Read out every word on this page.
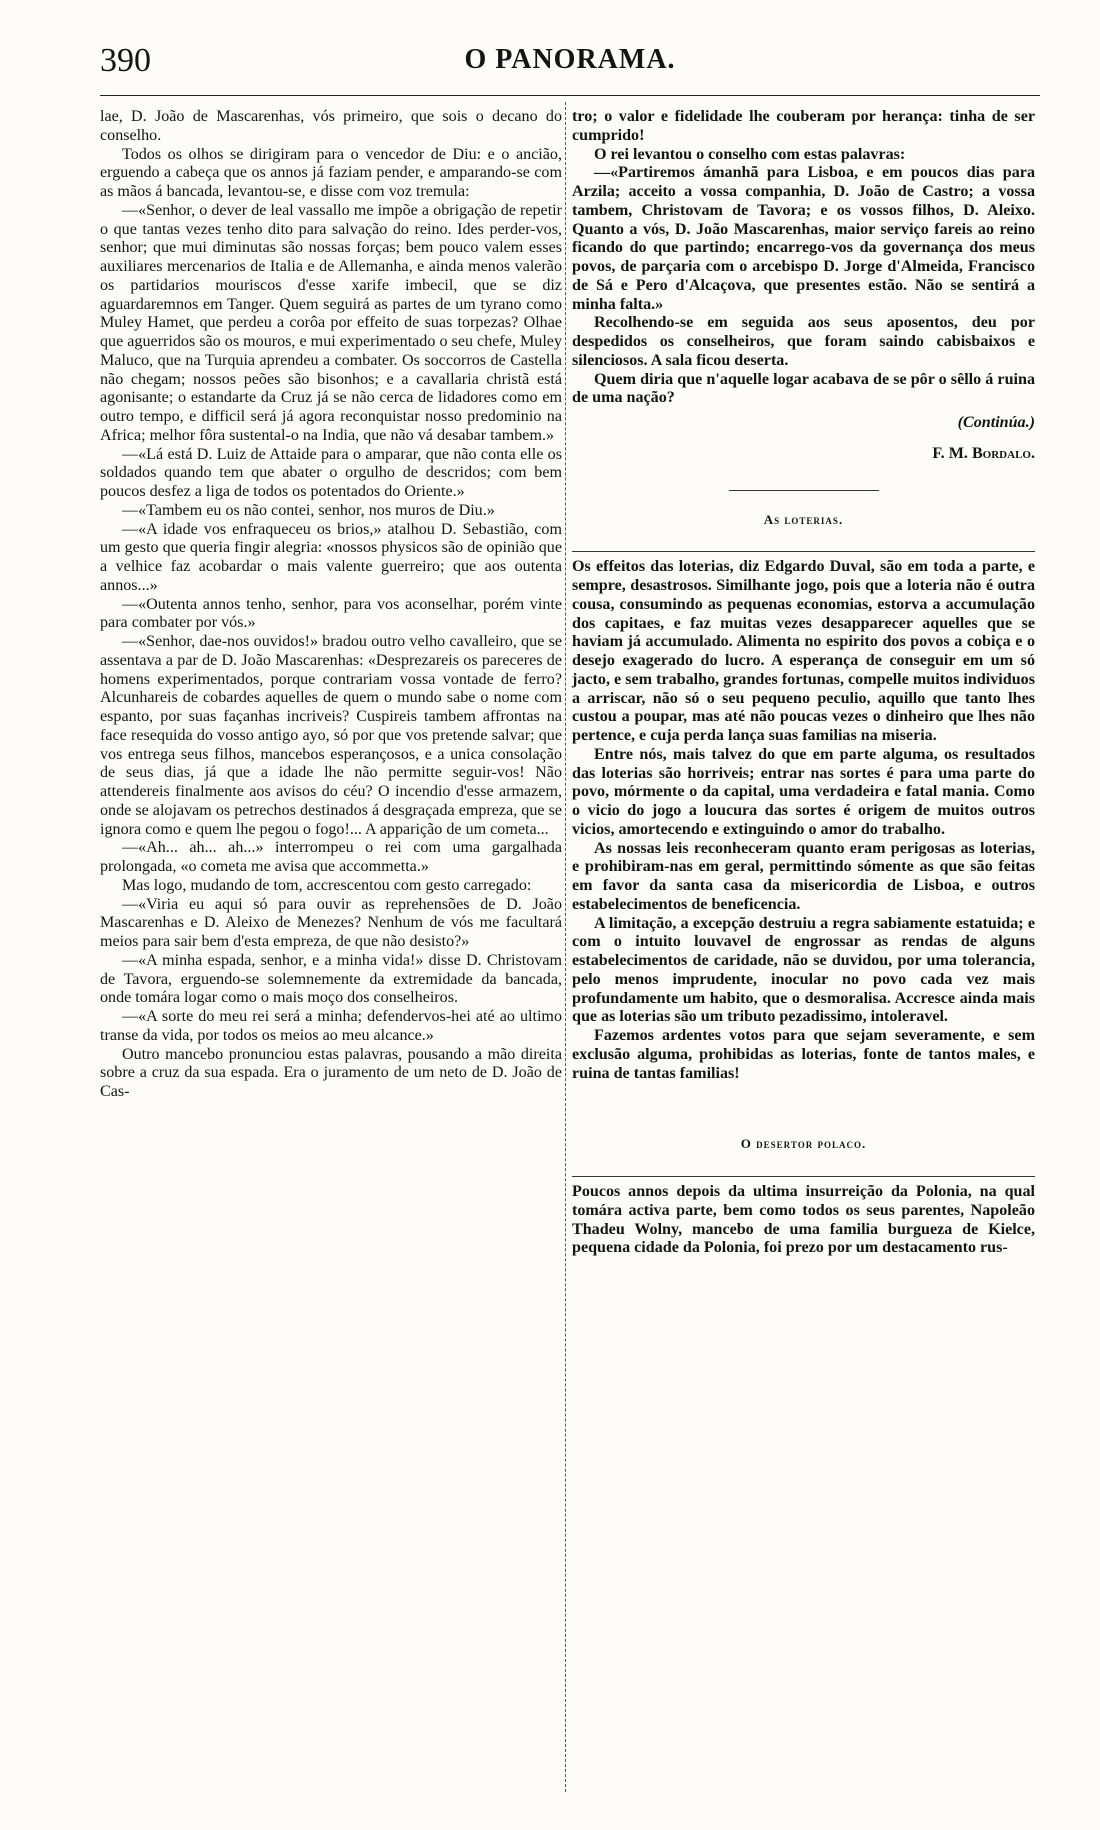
390	O PANORAMA.

lae, D. João de Mascarenhas, vós primeiro, que sois o decano do conselho.

Todos os olhos se dirigiram para o vencedor de Diu: e o ancião, erguendo a cabeça que os annos já faziam pender, e amparando-se com as mãos á bancada, levantou-se, e disse com voz tremula:

—«Senhor, o dever de leal vassallo me impõe a obrigação de repetir o que tantas vezes tenho dito para salvação do reino. Ides perder-vos, senhor; que mui diminutas são nossas forças; bem pouco valem esses auxiliares mercenarios de Italia e de Allemanha, e ainda menos valerão os partidarios mouriscos d'esse xarife imbecil, que se diz aguardaremnos em Tanger. Quem seguirá as partes de um tyrano como Muley Hamet, que perdeu a corôa por effeito de suas torpezas? Olhae que aguerridos são os mouros, e mui experimentado o seu chefe, Muley Maluco, que na Turquia aprendeu a combater. Os soccorros de Castella não chegam; nossos peões são bisonhos; e a cavallaria christã está agonisante; o estandarte da Cruz já se não cerca de lidadores como em outro tempo, e difficil será já agora reconquistar nosso predominio na Africa; melhor fôra sustental-o na India, que não vá desabar tambem.»

—«Lá está D. Luiz de Attaide para o amparar, que não conta elle os soldados quando tem que abater o orgulho de descridos; com bem poucos desfez a liga de todos os potentados do Oriente.»

—«Tambem eu os não contei, senhor, nos muros de Diu.»

—«A idade vos enfraqueceu os brios,» atalhou D. Sebastião, com um gesto que queria fingir alegria: «nossos physicos são de opinião que a velhice faz acobardar o mais valente guerreiro; que aos outenta annos...»

—«Outenta annos tenho, senhor, para vos aconselhar, porém vinte para combater por vós.»

—«Senhor, dae-nos ouvidos!» bradou outro velho cavalleiro, que se assentava a par de D. João Mascarenhas: «Desprezareis os pareceres de homens experimentados, porque contrariam vossa vontade de ferro? Alcunhareis de cobardes aquelles de quem o mundo sabe o nome com espanto, por suas façanhas incriveis? Cuspireis tambem affrontas na face resequida do vosso antigo ayo, só por que vos pretende salvar; que vos entrega seus filhos, mancebos esperançosos, e a unica consolação de seus dias, já que a idade lhe não permitte seguir-vos! Não attendereis finalmente aos avisos do céu? O incendio d'esse armazem, onde se alojavam os petrechos destinados á desgraçada empreza, que se ignora como e quem lhe pegou o fogo!... A apparição de um cometa...

—«Ah... ah... ah...» interrompeu o rei com uma gargalhada prolongada, «o cometa me avisa que accommetta.»

Mas logo, mudando de tom, accrescentou com gesto carregado:

—«Viria eu aqui só para ouvir as reprehensões de D. João Mascarenhas e D. Aleixo de Menezes? Nenhum de vós me facultará meios para sair bem d'esta empreza, de que não desisto?»

—«A minha espada, senhor, e a minha vida!» disse D. Christovam de Tavora, erguendo-se solemnemente da extremidade da bancada, onde tomára logar como o mais moço dos conselheiros.

—«A sorte do meu rei será a minha; defendervos-hei até ao ultimo transe da vida, por todos os meios ao meu alcance.»

Outro mancebo pronunciou estas palavras, pousando a mão direita sobre a cruz da sua espada. Era o juramento de um neto de D. João de Cas-

tro; o valor e fidelidade lhe couberam por herança: tinha de ser cumprido!

O rei levantou o conselho com estas palavras:

—«Partiremos ámanhã para Lisboa, e em poucos dias para Arzila; acceito a vossa companhia, D. João de Castro; a vossa tambem, Christovam de Tavora; e os vossos filhos, D. Aleixo. Quanto a vós, D. João Mascarenhas, maior serviço fareis ao reino ficando do que partindo; encarrego-vos da governança dos meus povos, de parçaria com o arcebispo D. Jorge d'Almeida, Francisco de Sá e Pero d'Alcaçova, que presentes estão. Não se sentirá a minha falta.»

Recolhendo-se em seguida aos seus aposentos, deu por despedidos os conselheiros, que foram saindo cabisbaixos e silenciosos. A sala ficou deserta.

Quem diria que n'aquelle logar acabava de se pôr o sêllo á ruina de uma nação?

(Continúa.)
F. M. Bordalo.
As loterias.

Os effeitos das loterias, diz Edgardo Duval, são em toda a parte, e sempre, desastrosos. Similhante jogo, pois que a loteria não é outra cousa, consumindo as pequenas economias, estorva a accumulação dos capitaes, e faz muitas vezes desapparecer aquelles que se haviam já accumulado. Alimenta no espirito dos povos a cobiça e o desejo exagerado do lucro. A esperança de conseguir em um só jacto, e sem trabalho, grandes fortunas, compelle muitos individuos a arriscar, não só o seu pequeno peculio, aquillo que tanto lhes custou a poupar, mas até não poucas vezes o dinheiro que lhes não pertence, e cuja perda lança suas familias na miseria.

Entre nós, mais talvez do que em parte alguma, os resultados das loterias são horriveis; entrar nas sortes é para uma parte do povo, mórmente o da capital, uma verdadeira e fatal mania. Como o vicio do jogo a loucura das sortes é origem de muitos outros vicios, amortecendo e extinguindo o amor do trabalho.

As nossas leis reconheceram quanto eram perigosas as loterias, e prohibiram-nas em geral, permittindo sómente as que são feitas em favor da santa casa da misericordia de Lisboa, e outros estabelecimentos de beneficencia.

A limitação, a excepção destruiu a regra sabiamente estatuida; e com o intuito louvavel de engrossar as rendas de alguns estabelecimentos de caridade, não se duvidou, por uma tolerancia, pelo menos imprudente, inocular no povo cada vez mais profundamente um habito, que o desmoralisa. Accresce ainda mais que as loterias são um tributo pezadissimo, intoleravel.

Fazemos ardentes votos para que sejam severamente, e sem exclusão alguma, prohibidas as loterias, fonte de tantos males, e ruina de tantas familias!

O desertor polaco.

Poucos annos depois da ultima insurreição da Polonia, na qual tomára activa parte, bem como todos os seus parentes, Napoleão Thadeu Wolny, mancebo de uma familia burgueza de Kielce, pequena cidade da Polonia, foi prezo por um destacamento rus-
